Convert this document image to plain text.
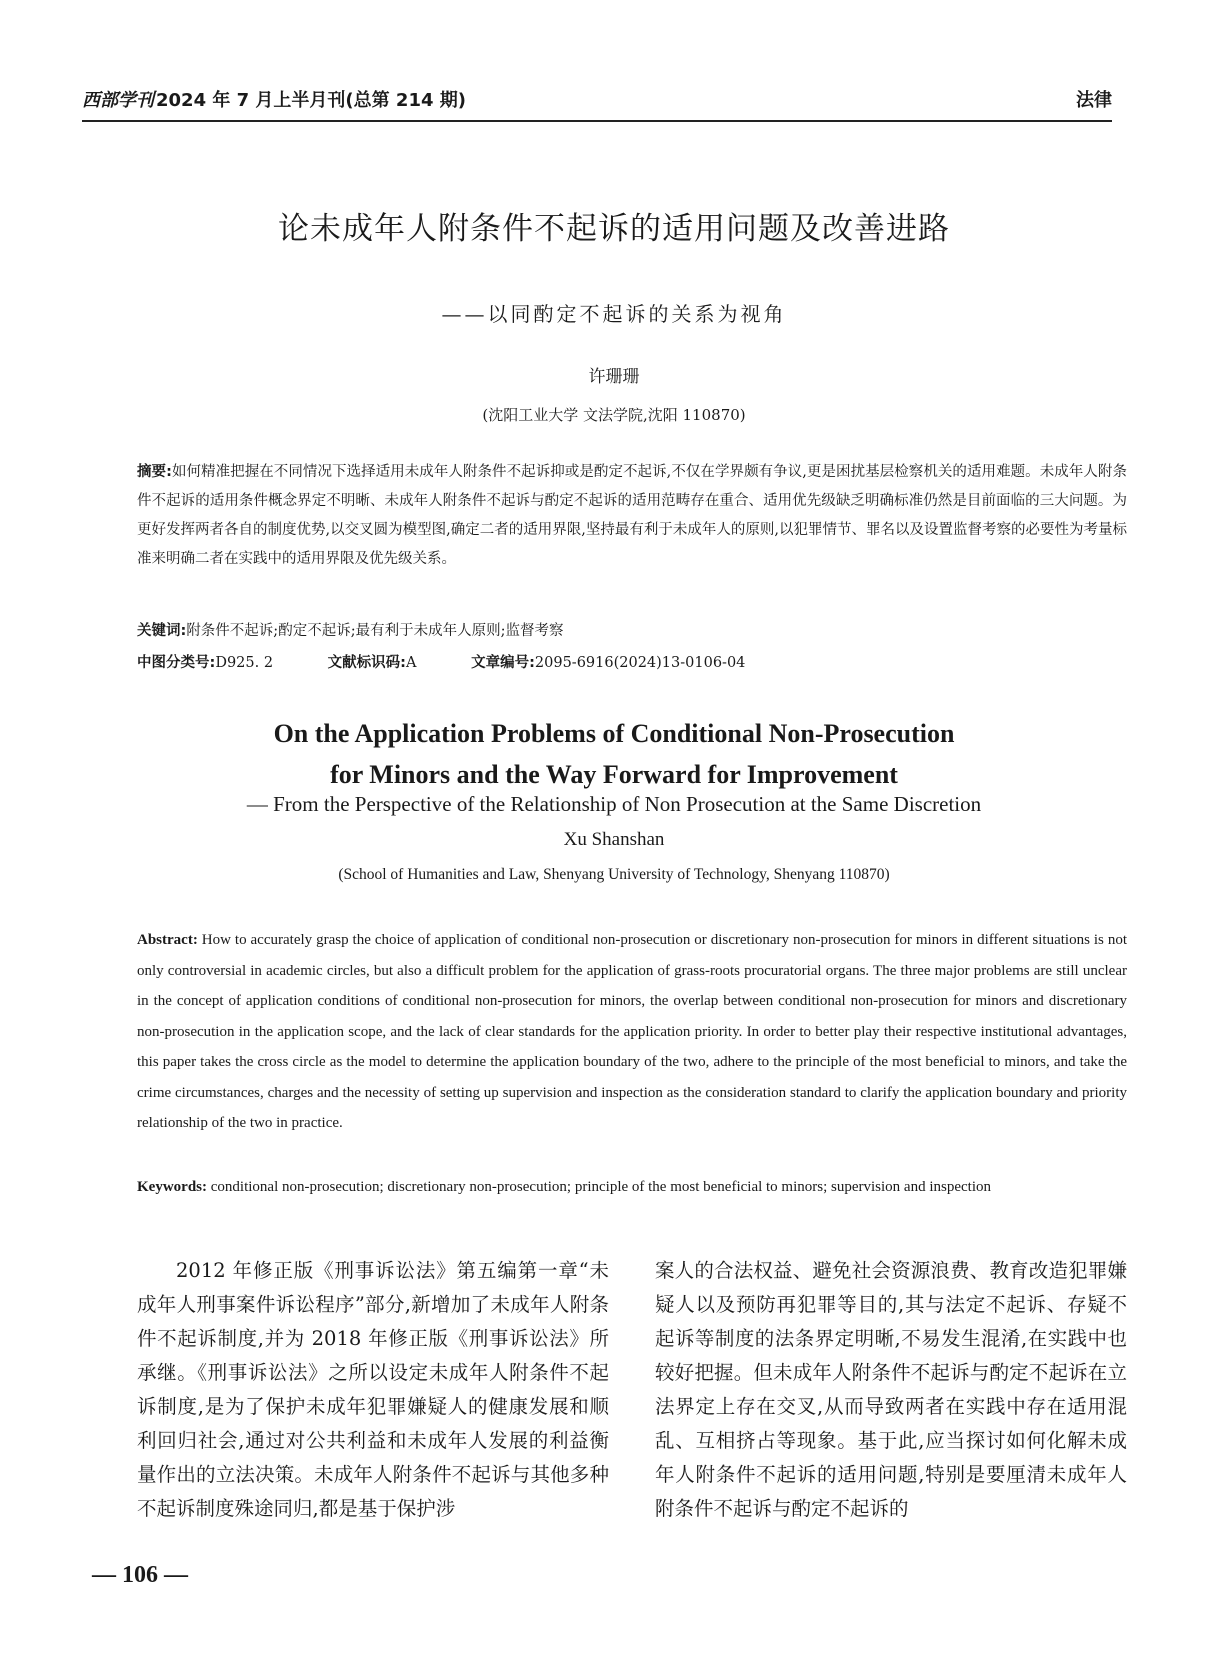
西部学刊 2024 年 7 月上半月刊(总第 214 期)	法律
论未成年人附条件不起诉的适用问题及改善进路
——以同酌定不起诉的关系为视角
许珊珊
(沈阳工业大学 文法学院,沈阳 110870)
摘要:如何精准把握在不同情况下选择适用未成年人附条件不起诉抑或是酌定不起诉,不仅在学界颇有争议,更是困扰基层检察机关的适用难题。未成年人附条件不起诉的适用条件概念界定不明晰、未成年人附条件不起诉与酌定不起诉的适用范畴存在重合、适用优先级缺乏明确标准仍然是目前面临的三大问题。为更好发挥两者各自的制度优势,以交叉圆为模型图,确定二者的适用界限,坚持最有利于未成年人的原则,以犯罪情节、罪名以及设置监督考察的必要性为考量标准来明确二者在实践中的适用界限及优先级关系。
关键词:附条件不起诉;酌定不起诉;最有利于未成年人原则;监督考察
中图分类号:D925. 2	文献标识码:A	文章编号:2095-6916(2024)13-0106-04
On the Application Problems of Conditional Non-Prosecution
for Minors and the Way Forward for Improvement
— From the Perspective of the Relationship of Non Prosecution at the Same Discretion
Xu Shanshan
(School of Humanities and Law, Shenyang University of Technology, Shenyang 110870)
Abstract: How to accurately grasp the choice of application of conditional non-prosecution or discretionary non-prosecution for minors in different situations is not only controversial in academic circles, but also a difficult problem for the application of grass-roots procuratorial organs. The three major problems are still unclear in the concept of application conditions of conditional non-prosecution for minors, the overlap between conditional non-prosecution for minors and discretionary non-prosecution in the application scope, and the lack of clear standards for the application priority. In order to better play their respective institutional advantages, this paper takes the cross circle as the model to determine the application boundary of the two, adhere to the principle of the most beneficial to minors, and take the crime circumstances, charges and the necessity of setting up supervision and inspection as the consideration standard to clarify the application boundary and priority relationship of the two in practice.
Keywords: conditional non-prosecution; discretionary non-prosecution; principle of the most beneficial to minors; supervision and inspection
2012 年修正版《刑事诉讼法》第五编第一章“未成年人刑事案件诉讼程序”部分,新增加了未成年人附条件不起诉制度,并为 2018 年修正版《刑事诉讼法》所承继。《刑事诉讼法》之所以设定未成年人附条件不起诉制度,是为了保护未成年犯罪嫌疑人的健康发展和顺利回归社会,通过对公共利益和未成年人发展的利益衡量作出的立法决策。未成年人附条件不起诉与其他多种不起诉制度殊途同归,都是基于保护涉
案人的合法权益、避免社会资源浪费、教育改造犯罪嫌疑人以及预防再犯罪等目的,其与法定不起诉、存疑不起诉等制度的法条界定明晰,不易发生混淆,在实践中也较好把握。但未成年人附条件不起诉与酌定不起诉在立法界定上存在交叉,从而导致两者在实践中存在适用混乱、互相挤占等现象。基于此,应当探讨如何化解未成年人附条件不起诉的适用问题,特别是要厘清未成年人附条件不起诉与酌定不起诉的
— 106 —
